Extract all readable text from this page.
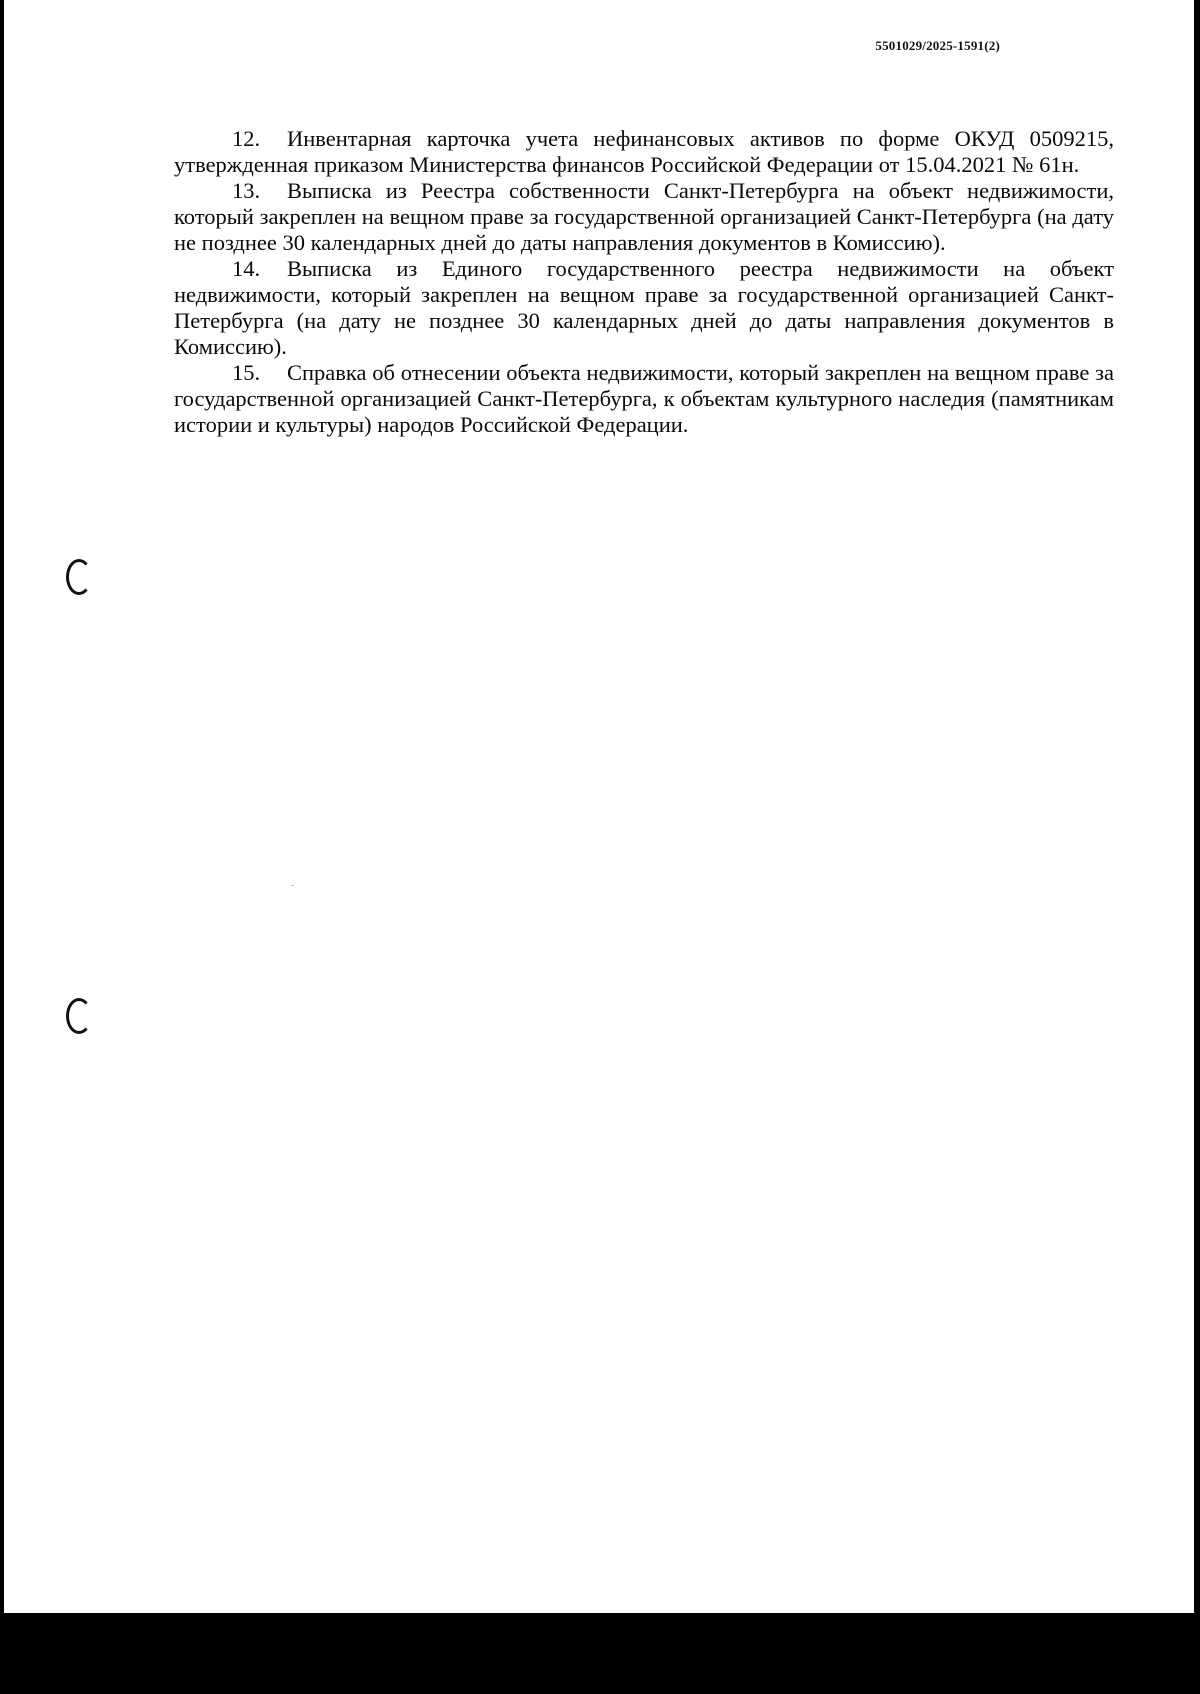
5501029/2025-1591(2)

12. Инвентарная карточка учета нефинансовых активов по форме ОКУД 0509215, утвержденная приказом Министерства финансов Российской Федерации от 15.04.2021 № 61н.

13. Выписка из Реестра собственности Санкт-Петербурга на объект недвижимости, который закреплен на вещном праве за государственной организацией Санкт-Петербурга (на дату не позднее 30 календарных дней до даты направления документов в Комиссию).

14. Выписка из Единого государственного реестра недвижимости на объект недвижимости, который закреплен на вещном праве за государственной организацией Санкт-Петербурга (на дату не позднее 30 календарных дней до даты направления документов в Комиссию).

15. Справка об отнесении объекта недвижимости, который закреплен на вещном праве за государственной организацией Санкт-Петербурга, к объектам культурного наследия (памятникам истории и культуры) народов Российской Федерации.
